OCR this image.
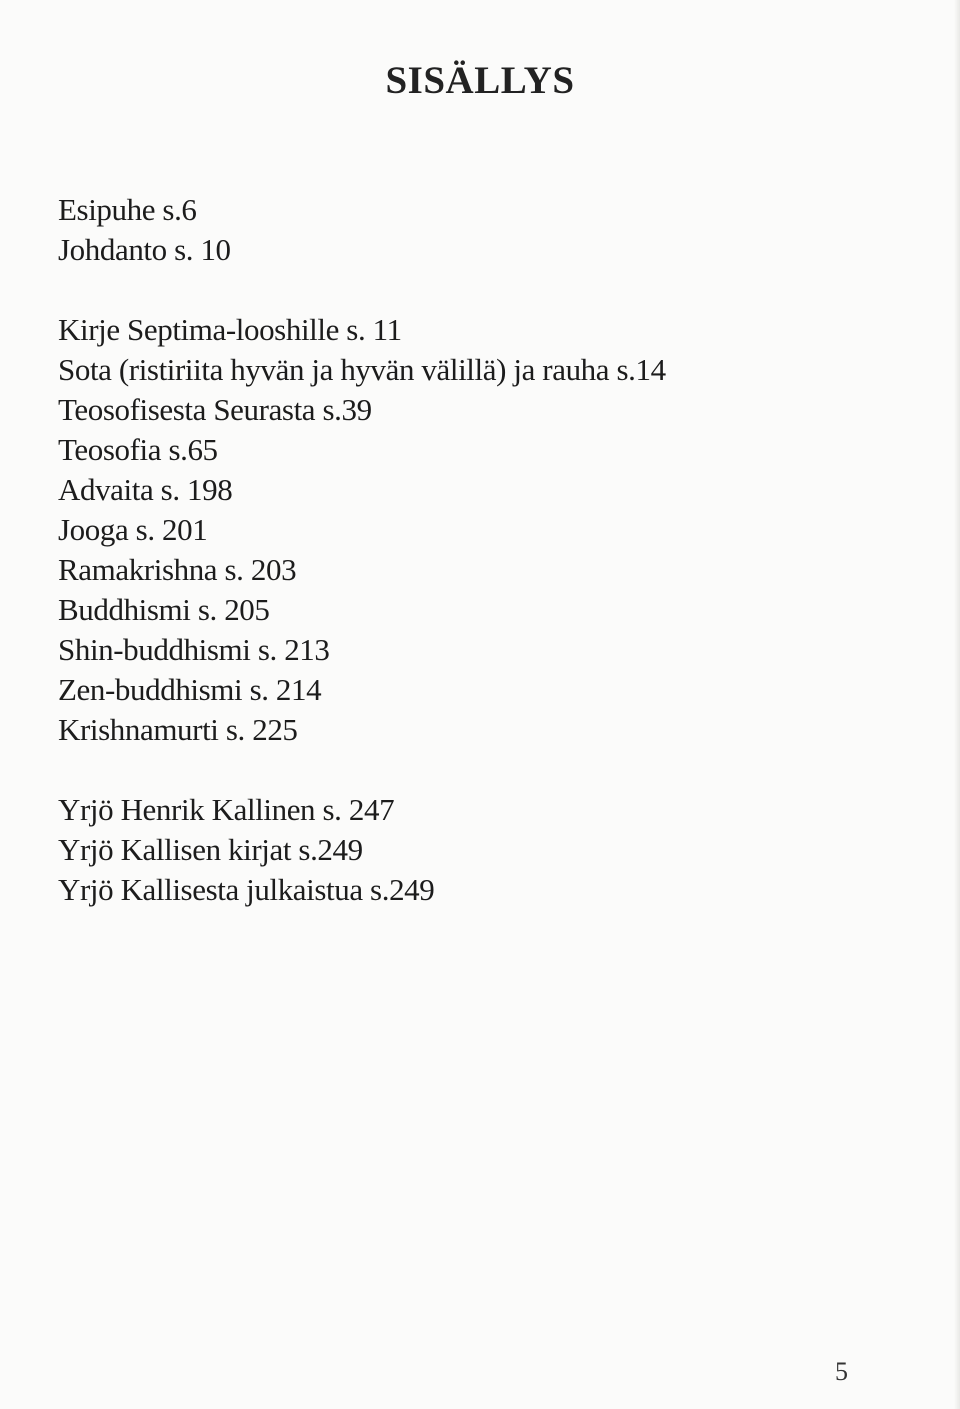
SISÄLLYS
Esipuhe s.6
Johdanto s. 10
Kirje Septima-looshille s. 11
Sota (ristiriita hyvän ja hyvän välillä) ja rauha s.14
Teosofisesta Seurasta s.39
Teosofia s.65
Advaita s. 198
Jooga s. 201
Ramakrishna s. 203
Buddhismi s. 205
Shin-buddhismi s. 213
Zen-buddhismi s. 214
Krishnamurti s. 225
Yrjö Henrik Kallinen s. 247
Yrjö Kallisen kirjat s.249
Yrjö Kallisesta julkaistua s.249
5
